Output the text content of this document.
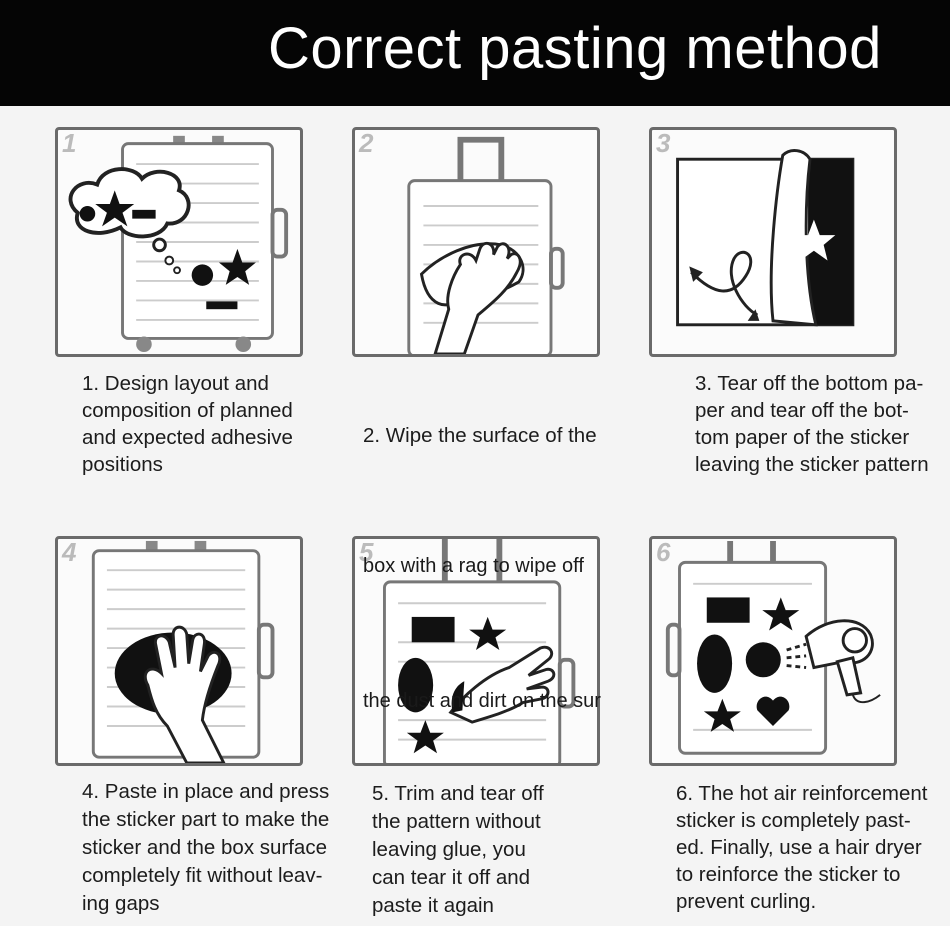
Correct pasting method
1	2	3
4	5	6
1. Design layout and
composition of planned
and expected adhesive
positions
2. Wipe the surface of the
3. Tear off the bottom pa-
per and tear off the bot-
tom paper of the sticker
leaving the sticker pattern
4. Paste in place and press
the sticker part to make the
sticker and the box surface
completely fit without leav-
ing gaps
5. Trim and tear off
the pattern without
leaving glue, you
can tear it off and
paste it again
6. The hot air reinforcement
sticker is completely past-
ed. Finally, use a hair dryer
to reinforce the sticker to
prevent curling.
box with a rag to wipe off
the dust and dirt on the sur
